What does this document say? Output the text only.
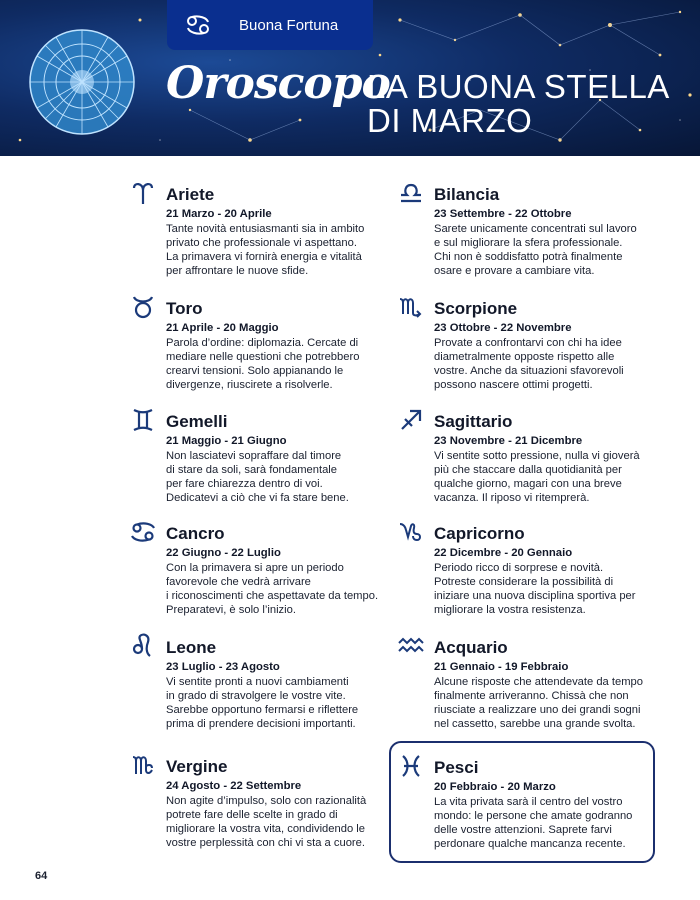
Buona Fortuna
Oroscopo
LA BUONA STELLA
DI MARZO
Ariete
21 Marzo - 20 Aprile
Tante novità entusiasmanti sia in ambito
privato che professionale vi aspettano.
La primavera vi fornirà energia e vitalità
per affrontare le nuove sfide.
Toro
21 Aprile - 20 Maggio
Parola d’ordine: diplomazia. Cercate di
mediare nelle questioni che potrebbero
crearvi tensioni. Solo appianando le
divergenze, riuscirete a risolverle.
Gemelli
21 Maggio - 21 Giugno
Non lasciatevi sopraffare dal timore
di stare da soli, sarà fondamentale
per fare chiarezza dentro di voi.
Dedicatevi a ciò che vi fa stare bene.
Cancro
22 Giugno - 22 Luglio
Con la primavera si apre un periodo
favorevole che vedrà arrivare
i riconoscimenti che aspettavate da tempo.
Preparatevi, è solo l’inizio.
Leone
23 Luglio - 23 Agosto
Vi sentite pronti a nuovi cambiamenti
in grado di stravolgere le vostre vite.
Sarebbe opportuno fermarsi e riflettere
prima di prendere decisioni importanti.
Vergine
24 Agosto - 22 Settembre
Non agite d’impulso, solo con razionalità
potrete fare delle scelte in grado di
migliorare la vostra vita, condividendo le
vostre perplessità con chi vi sta a cuore.
Bilancia
23 Settembre - 22 Ottobre
Sarete unicamente concentrati sul lavoro
e sul migliorare la sfera professionale.
Chi non è soddisfatto potrà finalmente
osare e provare a cambiare vita.
Scorpione
23 Ottobre - 22 Novembre
Provate a confrontarvi con chi ha idee
diametralmente opposte rispetto alle
vostre. Anche da situazioni sfavorevoli
possono nascere ottimi progetti.
Sagittario
23 Novembre - 21 Dicembre
Vi sentite sotto pressione, nulla vi gioverà
più che staccare dalla quotidianità per
qualche giorno, magari con una breve
vacanza. Il riposo vi ritemprerà.
Capricorno
22 Dicembre - 20 Gennaio
Periodo ricco di sorprese e novità.
Potreste considerare la possibilità di
iniziare una nuova disciplina sportiva per
migliorare la vostra resistenza.
Acquario
21 Gennaio - 19 Febbraio
Alcune risposte che attendevate da tempo
finalmente arriveranno. Chissà che non
riusciate a realizzare uno dei grandi sogni
nel cassetto, sarebbe una grande svolta.
Pesci
20 Febbraio - 20 Marzo
La vita privata sarà il centro del vostro
mondo: le persone che amate godranno
delle vostre attenzioni. Saprete farvi
perdonare qualche mancanza recente.
64
